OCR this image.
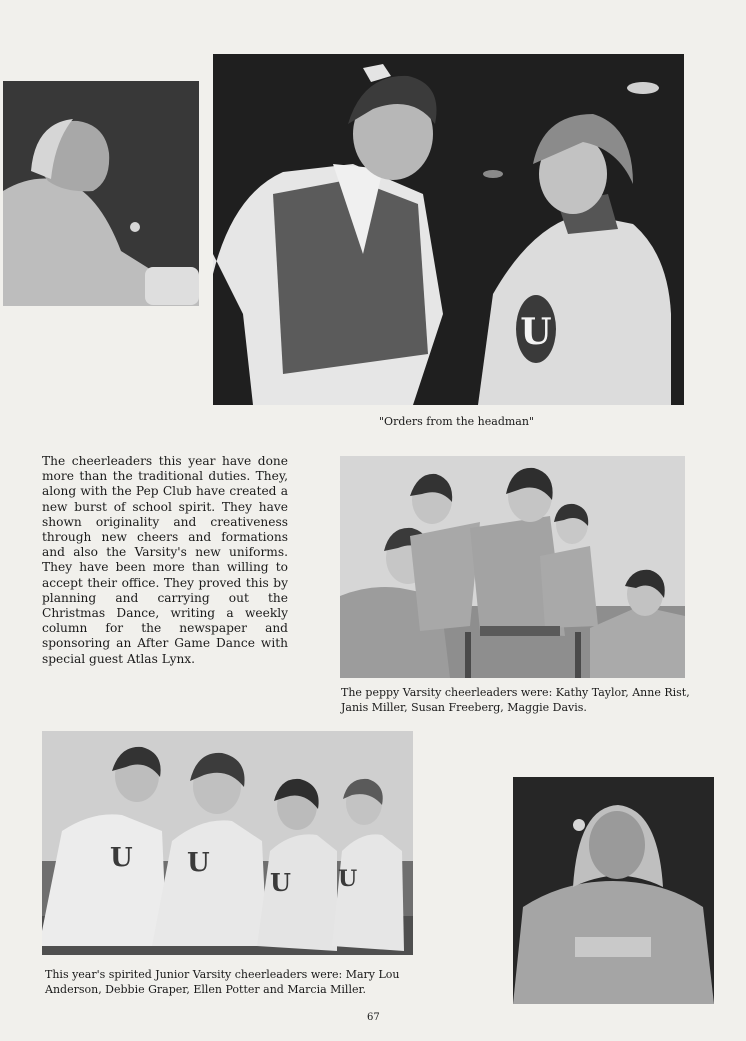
U

"Orders from the headman"

The cheerleaders this year have done more than the traditional duties. They, along with the Pep Club have created a new burst of school spirit. They have shown originality and creativeness through new cheers and formations and also the Varsity's new uniforms. They have been more than willing to accept their office. They proved this by planning and carrying out the Christmas Dance, writing a weekly column for the newspaper and sponsoring an After Game Dance with special guest Atlas Lynx.

The peppy Varsity cheerleaders were: Kathy Taylor, Anne Rist, Janis Miller, Susan Freeberg, Maggie Davis.

U U
U U

This year's spirited Junior Varsity cheerleaders were: Mary Lou Anderson, Debbie Graper, Ellen Potter and Marcia Miller.

67
